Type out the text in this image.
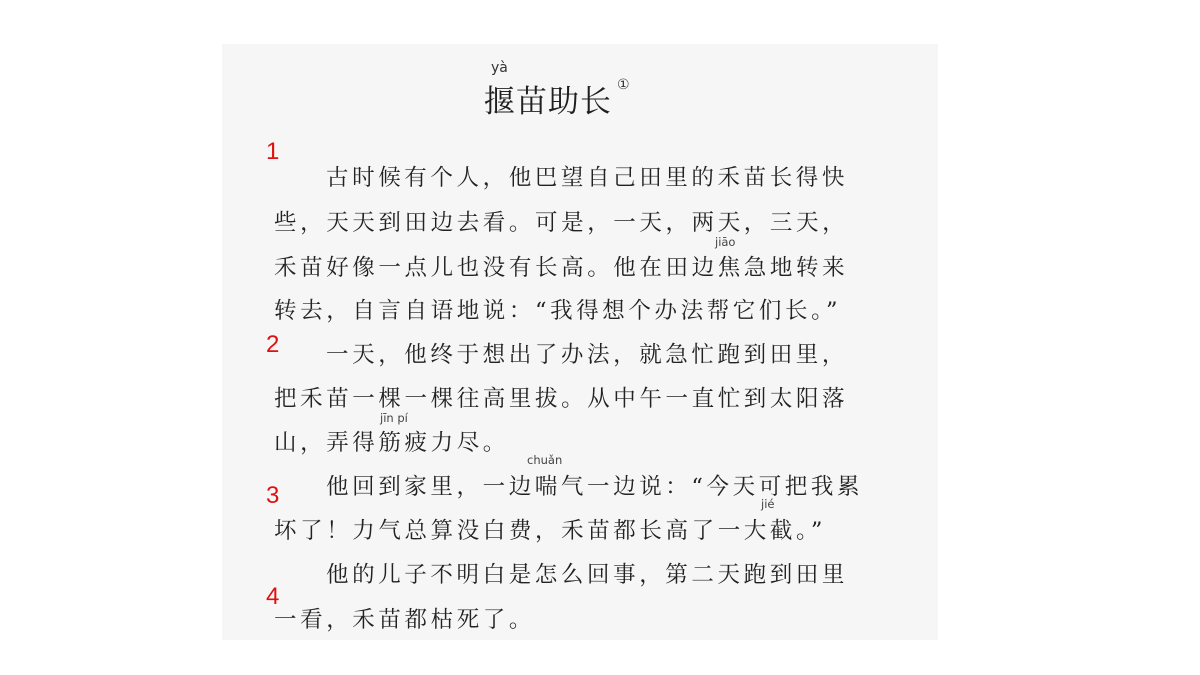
yà
揠苗助长 ①
1
2
3
4
jiāo
jīn pí
chuǎn
jié
古时候有个人，他巴望自己田里的禾苗长得快
些，天天到田边去看。可是，一天，两天，三天，
禾苗好像一点儿也没有长高。他在田边焦急地转来
转去，自言自语地说：“我得想个办法帮它们长。”
一天，他终于想出了办法，就急忙跑到田里，
把禾苗一棵一棵往高里拔。从中午一直忙到太阳落
山，弄得筋疲力尽。
他回到家里，一边喘气一边说：“今天可把我累
坏了！力气总算没白费，禾苗都长高了一大截。”
他的儿子不明白是怎么回事，第二天跑到田里
一看，禾苗都枯死了。
